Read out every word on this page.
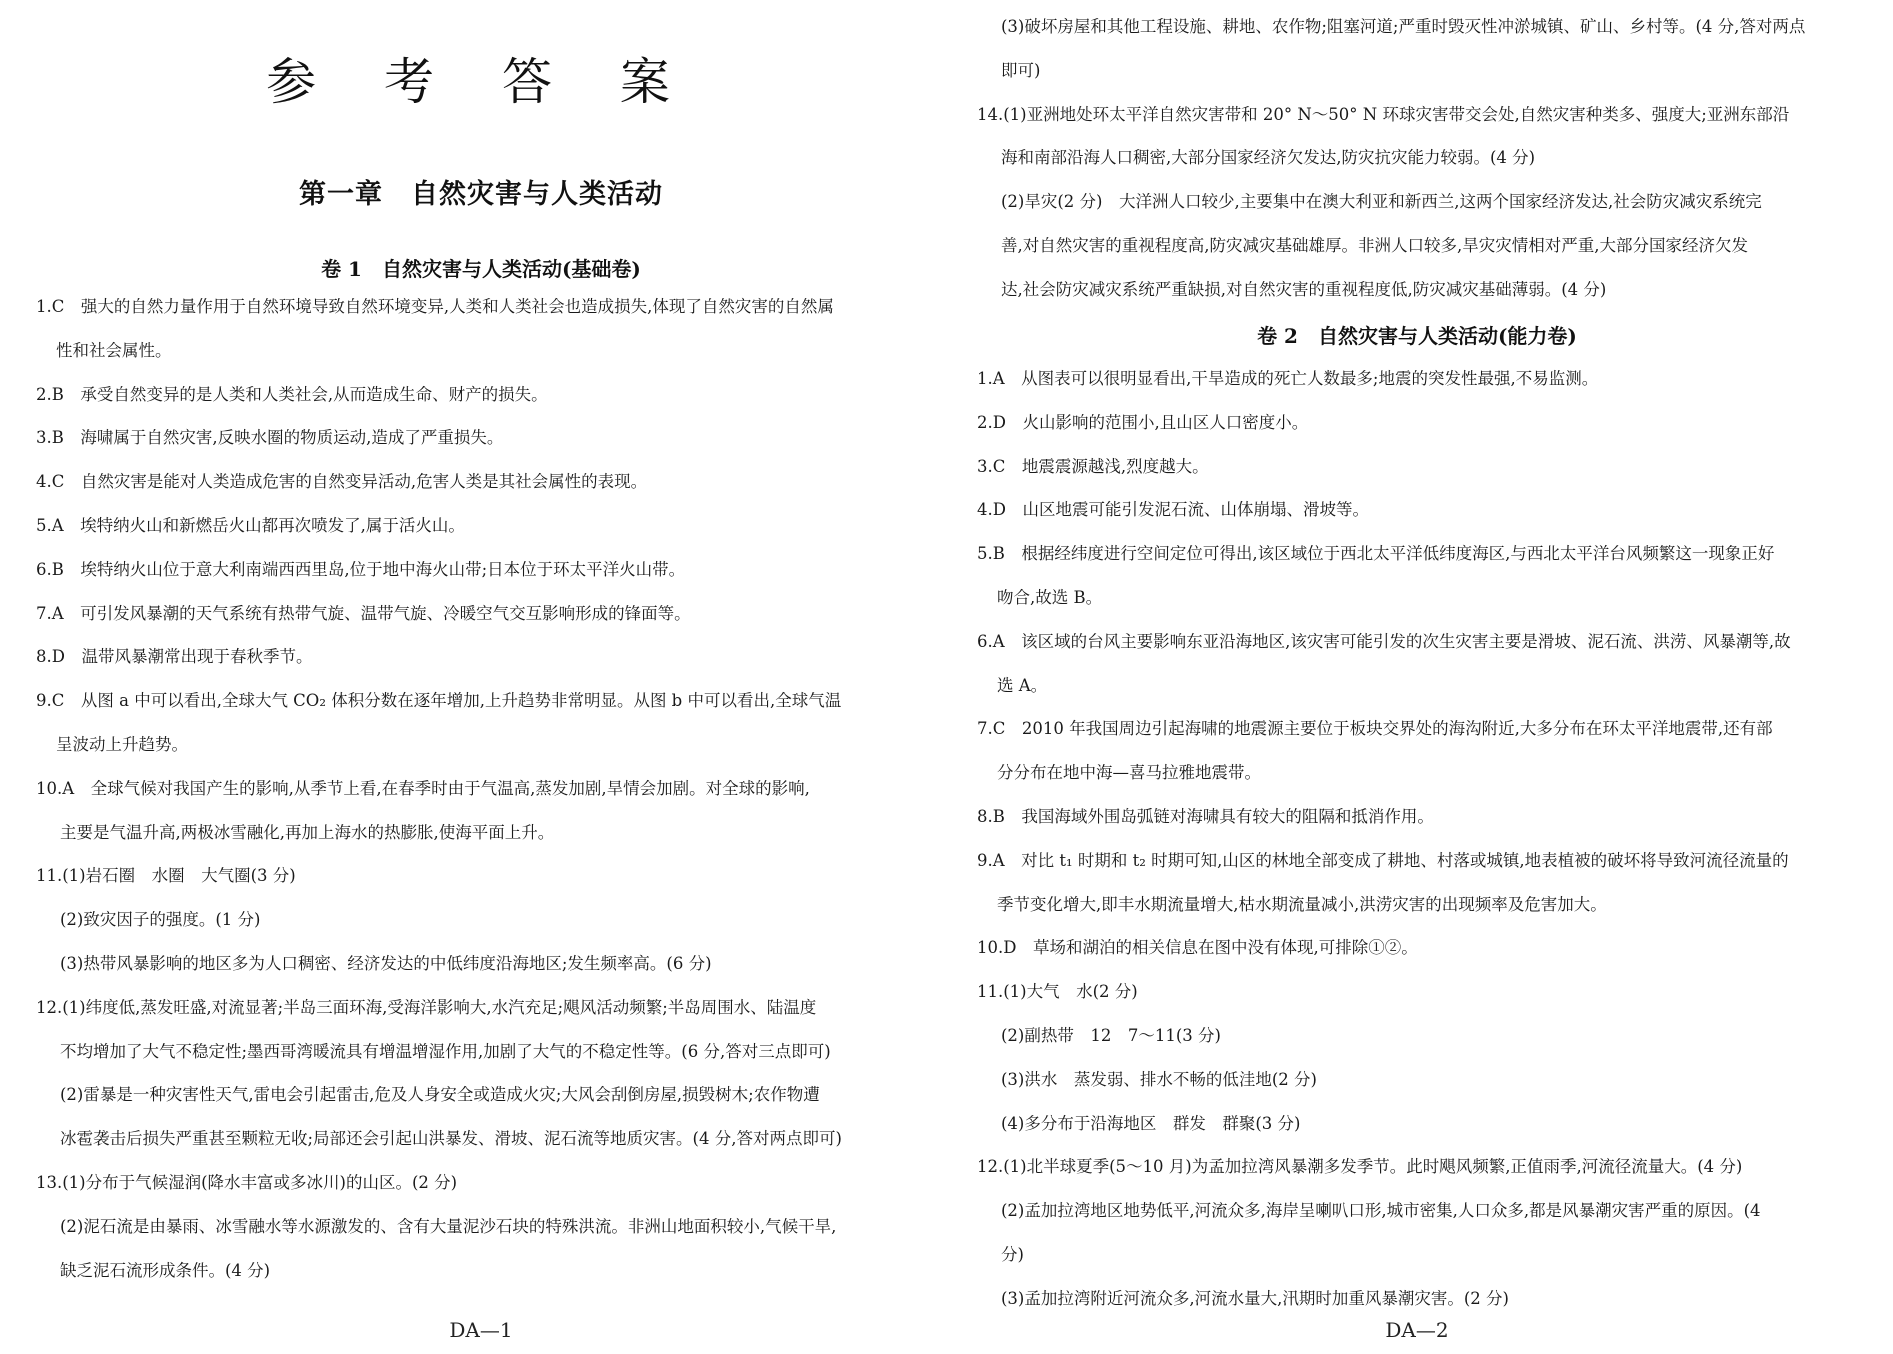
参 考 答 案
第一章　自然灾害与人类活动
卷 1　自然灾害与人类活动(基础卷)
1.C　强大的自然力量作用于自然环境导致自然环境变异,人类和人类社会也造成损失,体现了自然灾害的自然属
性和社会属性。
2.B　承受自然变异的是人类和人类社会,从而造成生命、财产的损失。
3.B　海啸属于自然灾害,反映水圈的物质运动,造成了严重损失。
4.C　自然灾害是能对人类造成危害的自然变异活动,危害人类是其社会属性的表现。
5.A　埃特纳火山和新燃岳火山都再次喷发了,属于活火山。
6.B　埃特纳火山位于意大利南端西西里岛,位于地中海火山带;日本位于环太平洋火山带。
7.A　可引发风暴潮的天气系统有热带气旋、温带气旋、冷暖空气交互影响形成的锋面等。
8.D　温带风暴潮常出现于春秋季节。
9.C　从图 a 中可以看出,全球大气 CO₂ 体积分数在逐年增加,上升趋势非常明显。从图 b 中可以看出,全球气温
呈波动上升趋势。
10.A　全球气候对我国产生的影响,从季节上看,在春季时由于气温高,蒸发加剧,旱情会加剧。对全球的影响,
主要是气温升高,两极冰雪融化,再加上海水的热膨胀,使海平面上升。
11.(1)岩石圈　水圈　大气圈(3 分)
(2)致灾因子的强度。(1 分)
(3)热带风暴影响的地区多为人口稠密、经济发达的中低纬度沿海地区;发生频率高。(6 分)
12.(1)纬度低,蒸发旺盛,对流显著;半岛三面环海,受海洋影响大,水汽充足;飓风活动频繁;半岛周围水、陆温度
不均增加了大气不稳定性;墨西哥湾暖流具有增温增湿作用,加剧了大气的不稳定性等。(6 分,答对三点即可)
(2)雷暴是一种灾害性天气,雷电会引起雷击,危及人身安全或造成火灾;大风会刮倒房屋,损毁树木;农作物遭
冰雹袭击后损失严重甚至颗粒无收;局部还会引起山洪暴发、滑坡、泥石流等地质灾害。(4 分,答对两点即可)
13.(1)分布于气候湿润(降水丰富或多冰川)的山区。(2 分)
(2)泥石流是由暴雨、冰雪融水等水源激发的、含有大量泥沙石块的特殊洪流。非洲山地面积较小,气候干旱,
缺乏泥石流形成条件。(4 分)
DA—1
(3)破坏房屋和其他工程设施、耕地、农作物;阻塞河道;严重时毁灭性冲淤城镇、矿山、乡村等。(4 分,答对两点
即可)
14.(1)亚洲地处环太平洋自然灾害带和 20° N～50° N 环球灾害带交会处,自然灾害种类多、强度大;亚洲东部沿
海和南部沿海人口稠密,大部分国家经济欠发达,防灾抗灾能力较弱。(4 分)
(2)旱灾(2 分)　大洋洲人口较少,主要集中在澳大利亚和新西兰,这两个国家经济发达,社会防灾减灾系统完
善,对自然灾害的重视程度高,防灾减灾基础雄厚。非洲人口较多,旱灾灾情相对严重,大部分国家经济欠发
达,社会防灾减灾系统严重缺损,对自然灾害的重视程度低,防灾减灾基础薄弱。(4 分)
卷 2　自然灾害与人类活动(能力卷)
1.A　从图表可以很明显看出,干旱造成的死亡人数最多;地震的突发性最强,不易监测。
2.D　火山影响的范围小,且山区人口密度小。
3.C　地震震源越浅,烈度越大。
4.D　山区地震可能引发泥石流、山体崩塌、滑坡等。
5.B　根据经纬度进行空间定位可得出,该区域位于西北太平洋低纬度海区,与西北太平洋台风频繁这一现象正好
吻合,故选 B。
6.A　该区域的台风主要影响东亚沿海地区,该灾害可能引发的次生灾害主要是滑坡、泥石流、洪涝、风暴潮等,故
选 A。
7.C　2010 年我国周边引起海啸的地震源主要位于板块交界处的海沟附近,大多分布在环太平洋地震带,还有部
分分布在地中海—喜马拉雅地震带。
8.B　我国海域外围岛弧链对海啸具有较大的阻隔和抵消作用。
9.A　对比 t₁ 时期和 t₂ 时期可知,山区的林地全部变成了耕地、村落或城镇,地表植被的破坏将导致河流径流量的
季节变化增大,即丰水期流量增大,枯水期流量减小,洪涝灾害的出现频率及危害加大。
10.D　草场和湖泊的相关信息在图中没有体现,可排除①②。
11.(1)大气　水(2 分)
(2)副热带　12　7～11(3 分)
(3)洪水　蒸发弱、排水不畅的低洼地(2 分)
(4)多分布于沿海地区　群发　群聚(3 分)
12.(1)北半球夏季(5～10 月)为孟加拉湾风暴潮多发季节。此时飓风频繁,正值雨季,河流径流量大。(4 分)
(2)孟加拉湾地区地势低平,河流众多,海岸呈喇叭口形,城市密集,人口众多,都是风暴潮灾害严重的原因。(4
分)
(3)孟加拉湾附近河流众多,河流水量大,汛期时加重风暴潮灾害。(2 分)
DA—2
